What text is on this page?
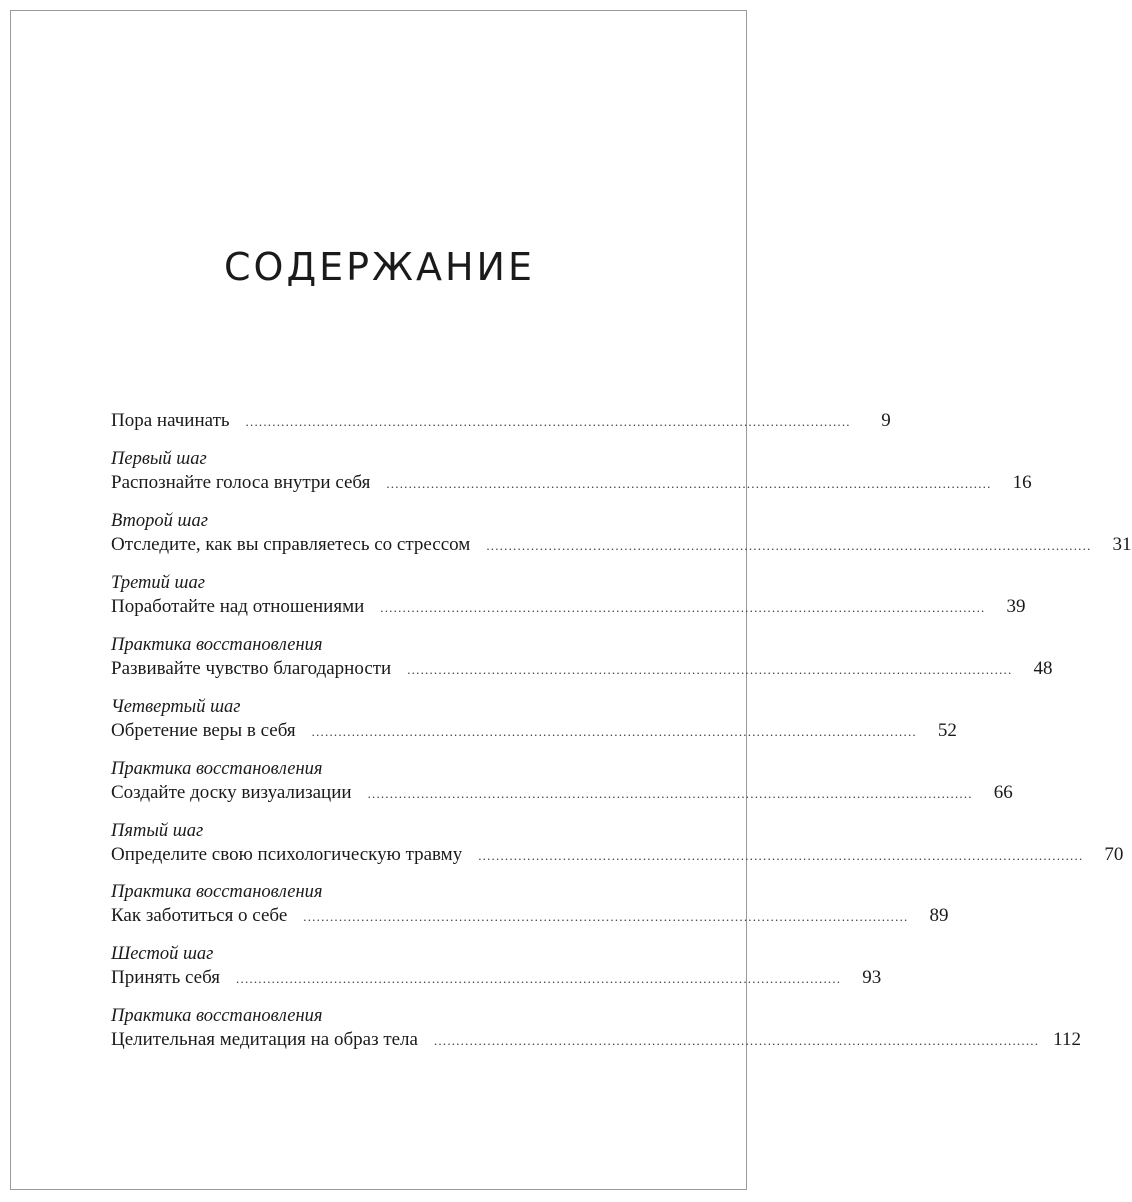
СОДЕРЖАНИЕ
Пора начинать ........................................................................................................................................	9
Первый шаг
Распознайте голоса внутри себя ........................................................................................................................................	16
Второй шаг
Отследите, как вы справляетесь со стрессом ........................................................................................................................................	31
Третий шаг
Поработайте над отношениями ........................................................................................................................................	39
Практика восстановления
Развивайте чувство благодарности ........................................................................................................................................	48
Четвертый шаг
Обретение веры в себя ........................................................................................................................................	52
Практика восстановления
Создайте доску визуализации ........................................................................................................................................	66
Пятый шаг
Определите свою психологическую травму ........................................................................................................................................	70
Практика восстановления
Как заботиться о себе ........................................................................................................................................	89
Шестой шаг
Принять себя ........................................................................................................................................	93
Практика восстановления
Целительная медитация на образ тела ........................................................................................................................................ 112
